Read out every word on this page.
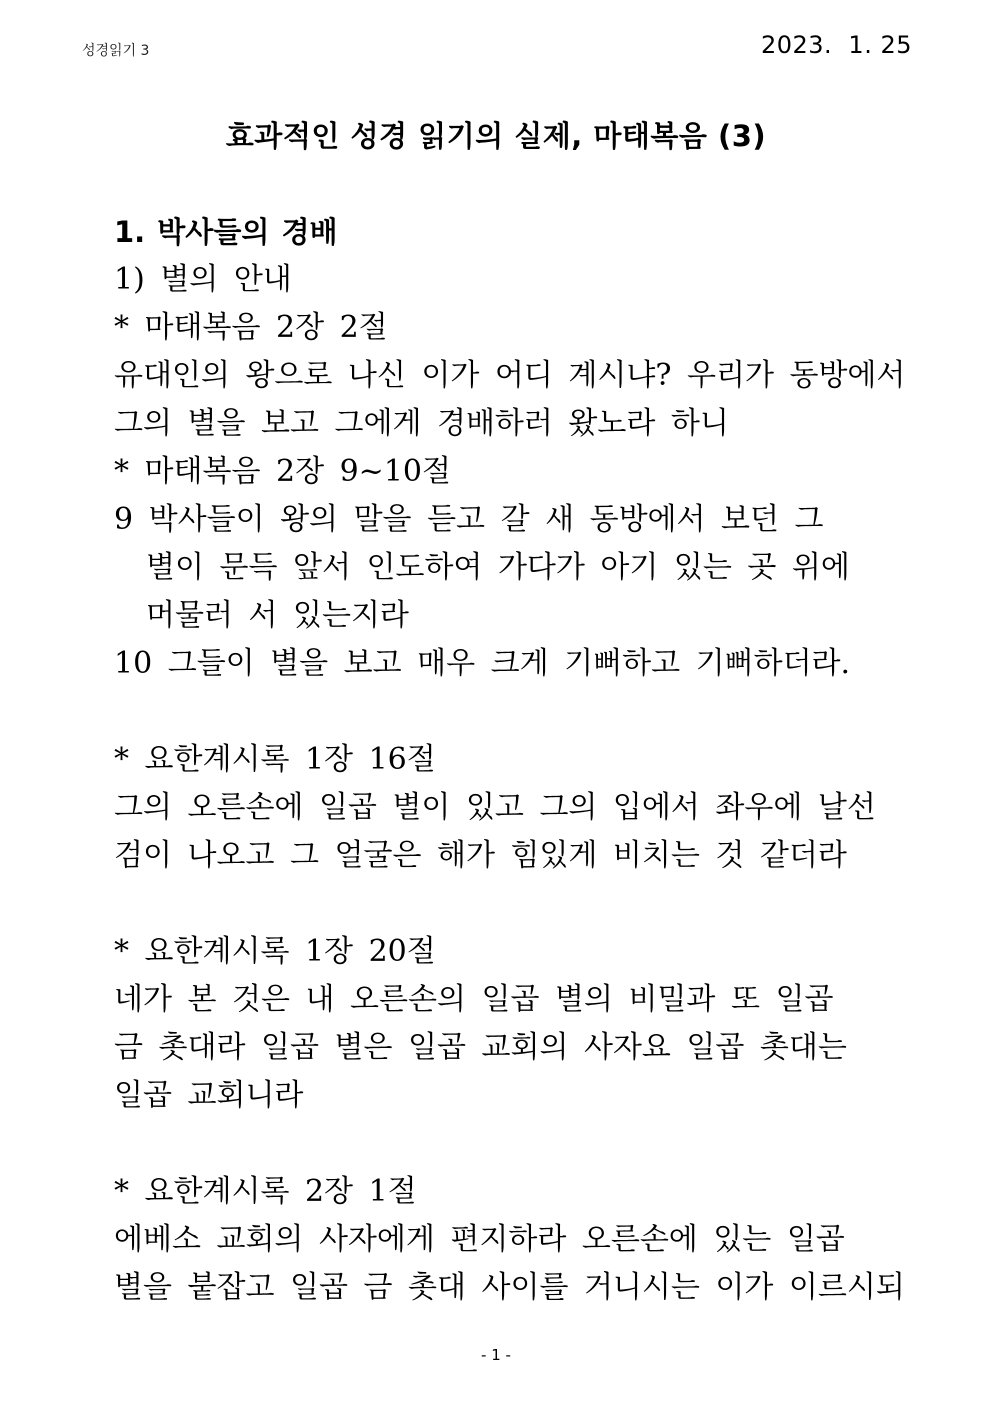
성경읽기 3	2023.  1. 25
효과적인 성경 읽기의 실제, 마태복음 (3)

1. 박사들의 경배

1) 별의 안내

* 마태복음 2장 2절

유대인의 왕으로 나신 이가 어디 계시냐? 우리가 동방에서

그의 별을 보고 그에게 경배하러 왔노라 하니

* 마태복음 2장 9~10절

9 박사들이 왕의 말을 듣고 갈 새 동방에서 보던 그

별이 문득 앞서 인도하여 가다가 아기 있는 곳 위에

머물러 서 있는지라

10 그들이 별을 보고 매우 크게 기뻐하고 기뻐하더라.

* 요한계시록 1장 16절

그의 오른손에 일곱 별이 있고 그의 입에서 좌우에 날선

검이 나오고 그 얼굴은 해가 힘있게 비치는 것 같더라

* 요한계시록 1장 20절

네가 본 것은 내 오른손의 일곱 별의 비밀과 또 일곱

금 촛대라 일곱 별은 일곱 교회의 사자요 일곱 촛대는

일곱 교회니라

* 요한계시록 2장 1절

에베소 교회의 사자에게 편지하라 오른손에 있는 일곱

별을 붙잡고 일곱 금 촛대 사이를 거니시는 이가 이르시되

- 1 -
